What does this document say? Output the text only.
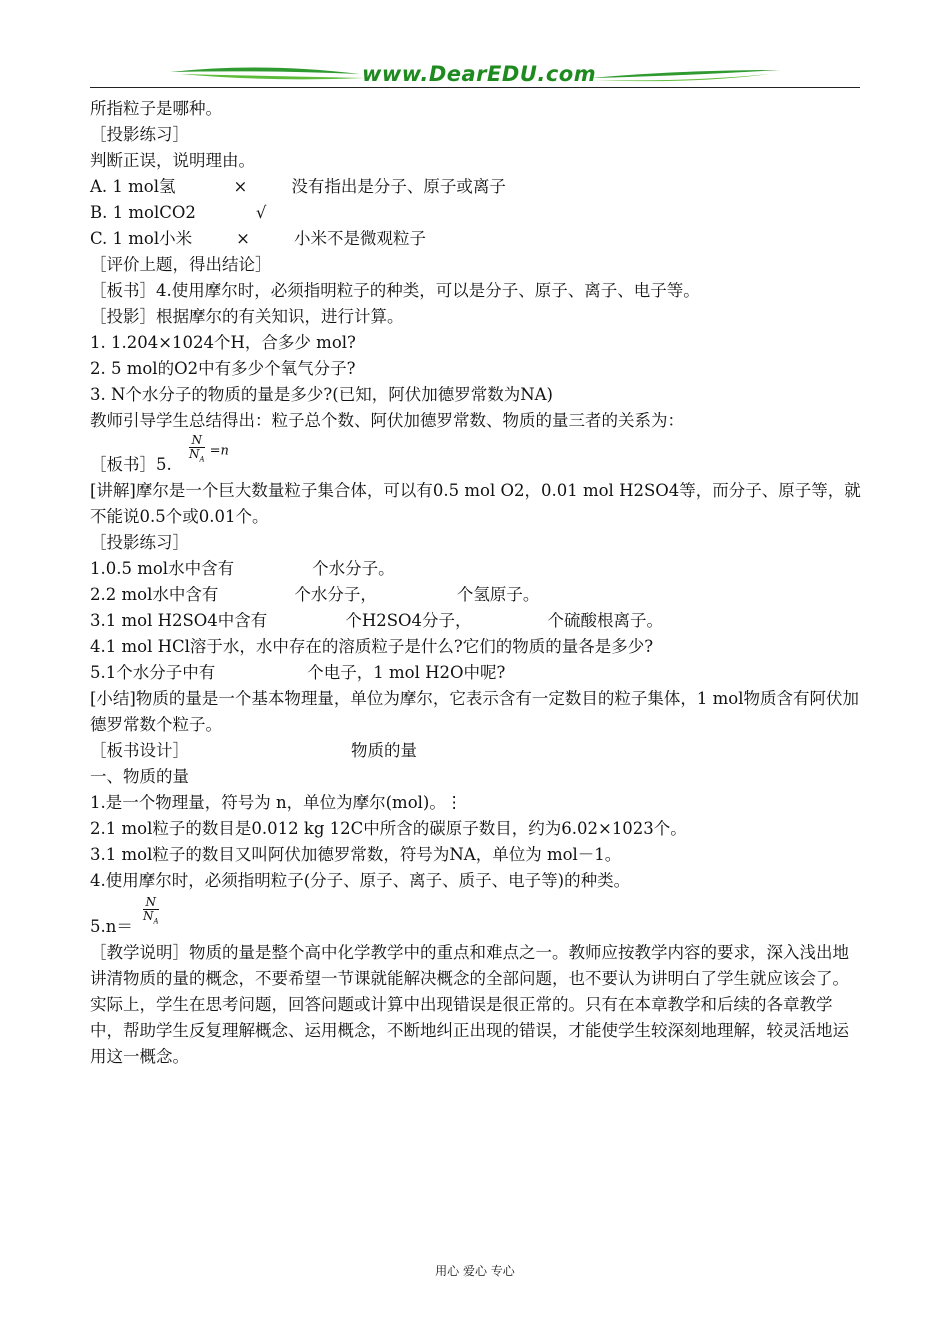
www.DearEDU.com
所指粒子是哪种。
［投影练习］
判断正误，说明理由。
A. 1 mol氢	×	没有指出是分子、原子或离子
B. 1 molCO2	√
C. 1 mol小米	×	小米不是微观粒子
［评价上题，得出结论］
［板书］4.使用摩尔时，必须指明粒子的种类，可以是分子、原子、离子、电子等。
［投影］根据摩尔的有关知识，进行计算。
1. 1.204×1024个H，合多少 mol?
2. 5 mol的O2中有多少个氧气分子?
3. N个水分子的物质的量是多少?(已知，阿伏加德罗常数为NA)
教师引导学生总结得出：粒子总个数、阿伏加德罗常数、物质的量三者的关系为：
［板书］5. $\frac{N}{N_A} =n$
[讲解]摩尔是一个巨大数量粒子集合体，可以有0.5 mol O2，0.01 mol H2SO4等，而分子、原子等，就不能说0.5个或0.01个。
［投影练习］
1.0.5 mol水中含有	个水分子。
2.2 mol水中含有	个水分子，	个氢原子。
3.1 mol H2SO4中含有	个H2SO4分子，	个硫酸根离子。
4.1 mol HCl溶于水，水中存在的溶质粒子是什么?它们的物质的量各是多少?
5.1个水分子中有	个电子，1 mol H2O中呢?
[小结]物质的量是一个基本物理量，单位为摩尔，它表示含有一定数目的粒子集体，1 mol物质含有阿伏加德罗常数个粒子。
［板书设计］	物质的量
一、物质的量
1.是一个物理量，符号为 n，单位为摩尔(mol)。⋮
2.1 mol粒子的数目是0.012 kg 12C中所含的碳原子数目，约为6.02×1023个。
3.1 mol粒子的数目又叫阿伏加德罗常数，符号为NA，单位为 mol－1。
4.使用摩尔时，必须指明粒子(分子、原子、离子、质子、电子等)的种类。
$5.n= \frac{N}{N_A}$
［教学说明］物质的量是整个高中化学教学中的重点和难点之一。教师应按教学内容的要求，深入浅出地讲清物质的量的概念，不要希望一节课就能解决概念的全部问题，也不要认为讲明白了学生就应该会了。实际上，学生在思考问题，回答问题或计算中出现错误是很正常的。只有在本章教学和后续的各章教学中，帮助学生反复理解概念、运用概念，不断地纠正出现的错误，才能使学生较深刻地理解，较灵活地运用这一概念。
用心 爱心 专心
